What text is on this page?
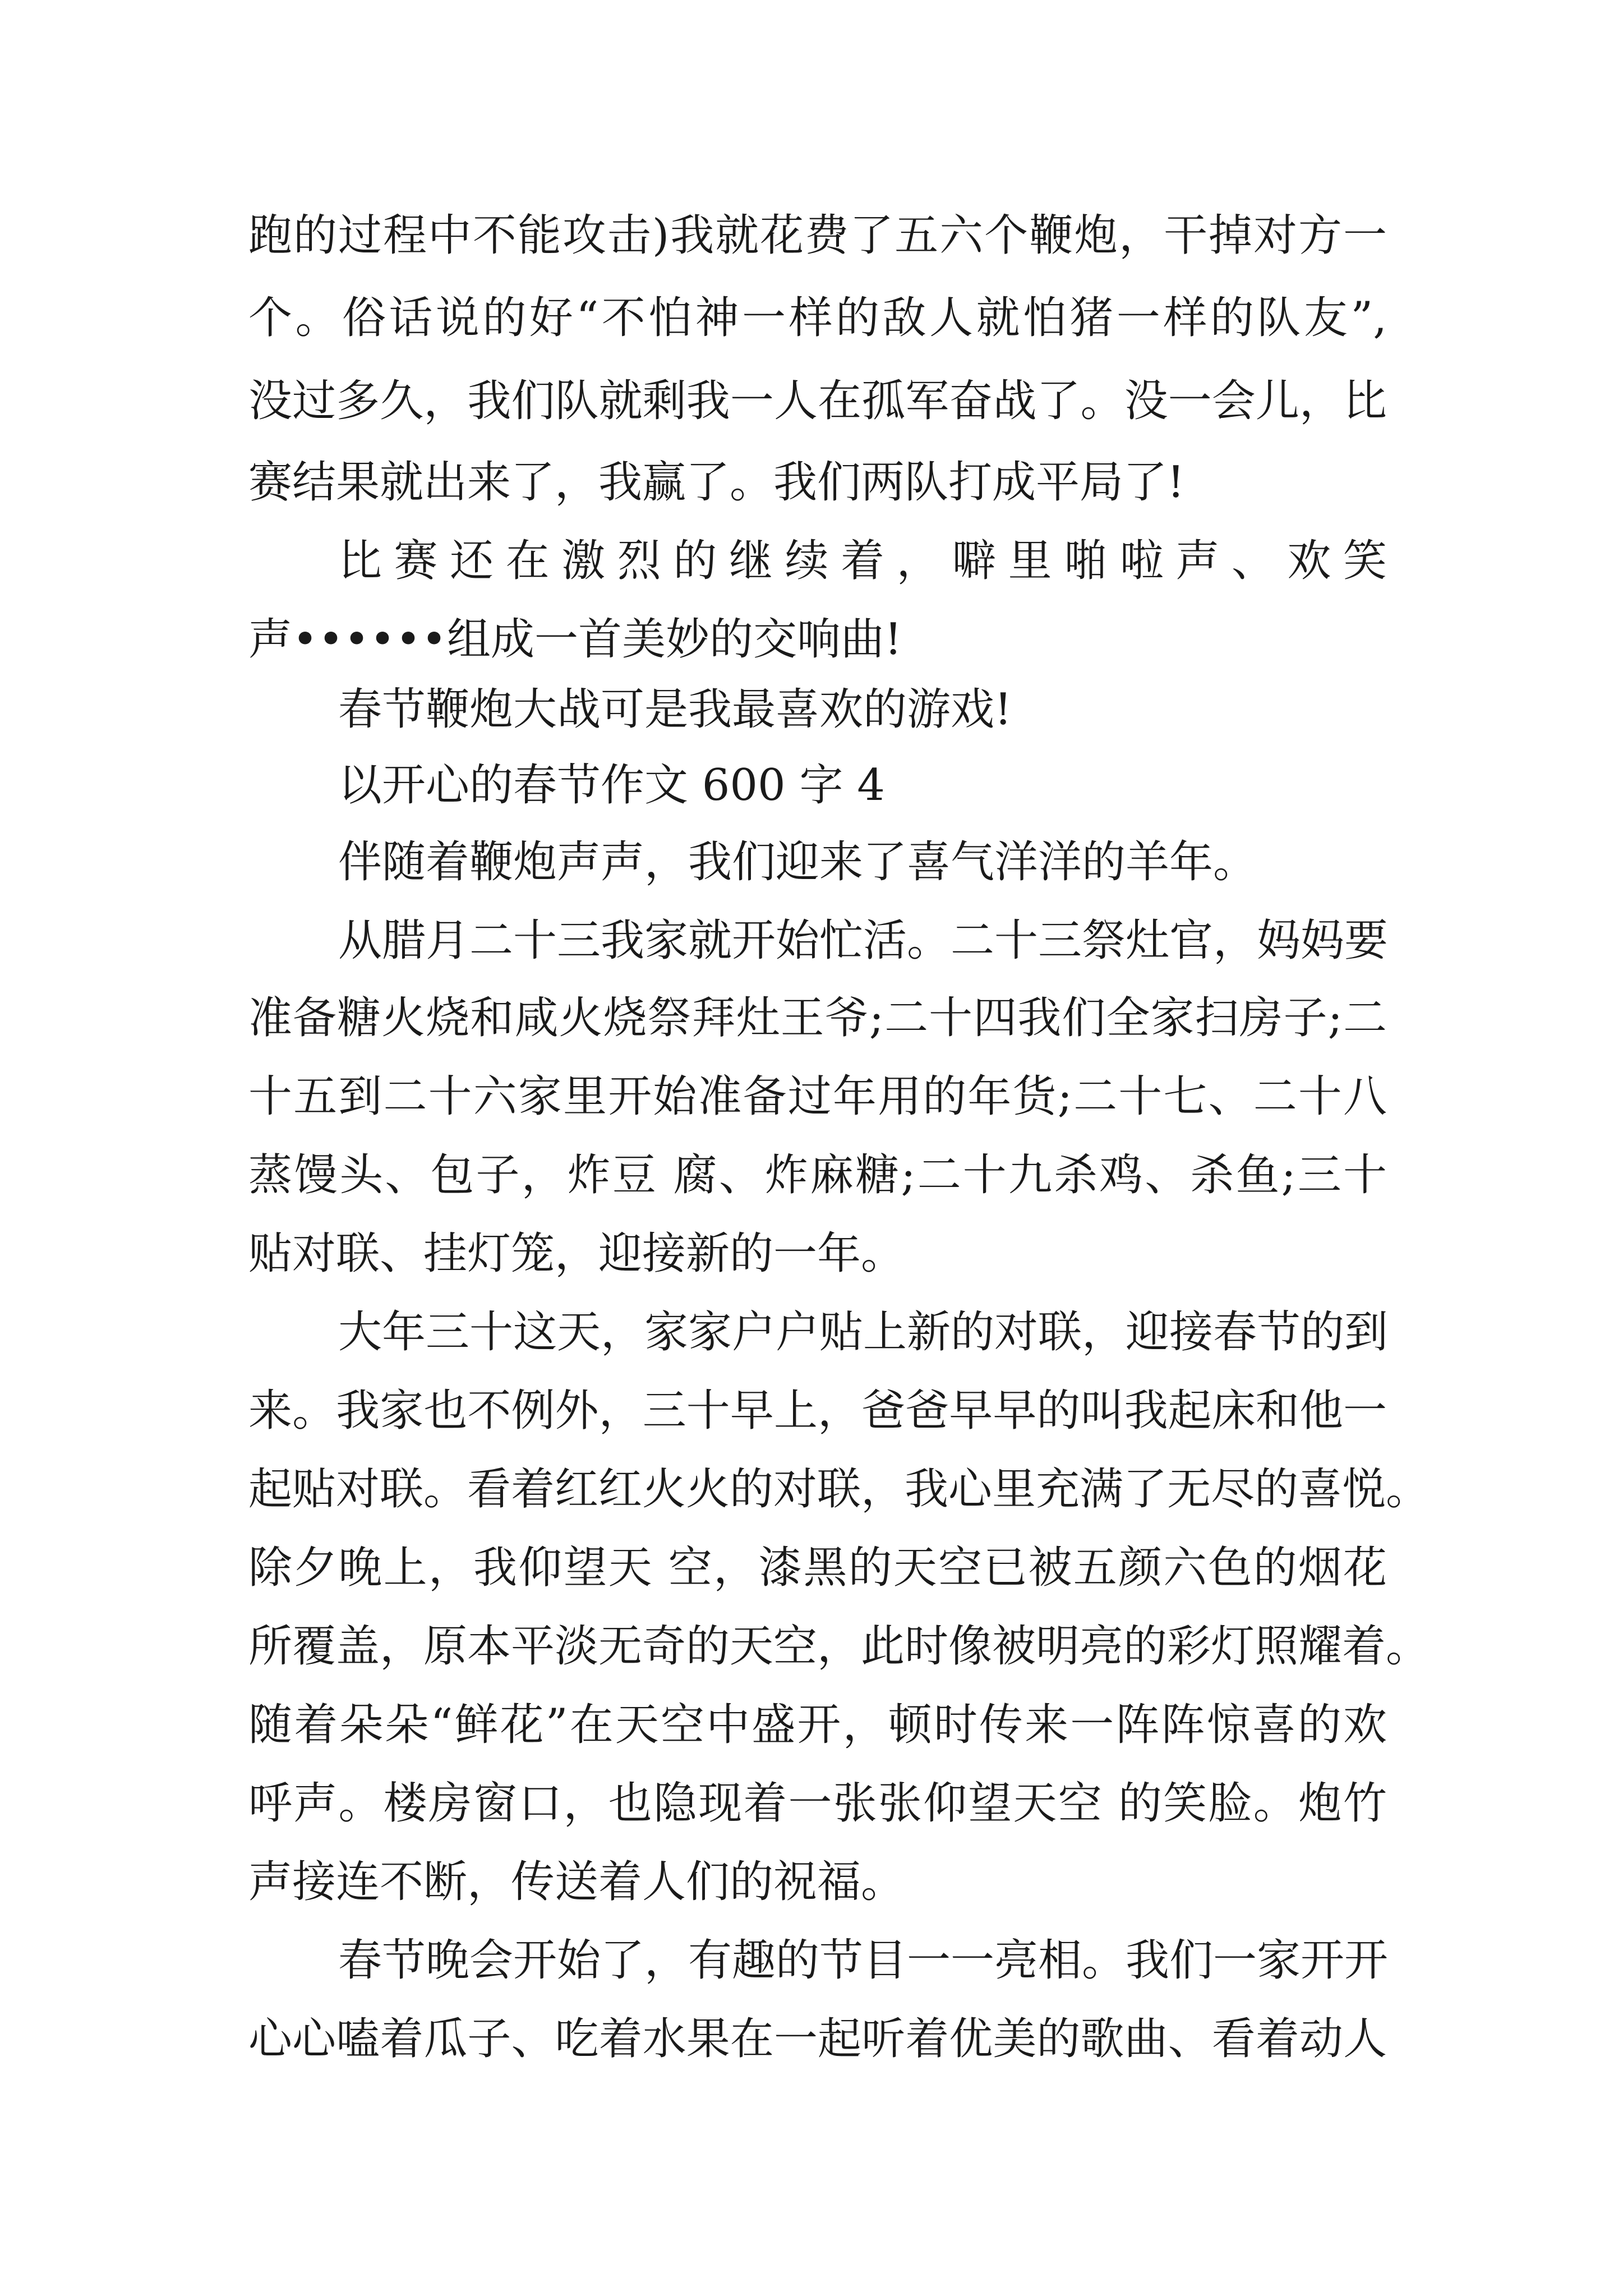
跑的过程中不能攻击)我就花费了五六个鞭炮，干掉对方一
个。俗话说的好“不怕神一样的敌人就怕猪一样的队友”,
没过多久，我们队就剩我一人在孤军奋战了。没一会儿，比
赛结果就出来了，我赢了。我们两队打成平局了!
比赛还在激烈的继续着，噼里啪啦声、欢笑
声••••••组成一首美妙的交响曲!
春节鞭炮大战可是我最喜欢的游戏!
以开心的春节作文 600 字 4
伴随着鞭炮声声，我们迎来了喜气洋洋的羊年。
从腊月二十三我家就开始忙活。二十三祭灶官，妈妈要
准备糖火烧和咸火烧祭拜灶王爷;二十四我们全家扫房子;二
十五到二十六家里开始准备过年用的年货;二十七、二十八
蒸馒头、包子，炸豆 腐、炸麻糖;二十九杀鸡、杀鱼;三十
贴对联、挂灯笼，迎接新的一年。
大年三十这天，家家户户贴上新的对联，迎接春节的到
来。我家也不例外，三十早上，爸爸早早的叫我起床和他一
起贴对联。看着红红火火的对联，我心里充满了无尽的喜悦。
除夕晚上，我仰望天 空，漆黑的天空已被五颜六色的烟花
所覆盖，原本平淡无奇的天空，此时像被明亮的彩灯照耀着。
随着朵朵“鲜花”在天空中盛开，顿时传来一阵阵惊喜的欢
呼声。楼房窗口，也隐现着一张张仰望天空 的笑脸。炮竹
声接连不断，传送着人们的祝福。
春节晚会开始了，有趣的节目一一亮相。我们一家开开
心心嗑着瓜子、吃着水果在一起听着优美的歌曲、看着动人
